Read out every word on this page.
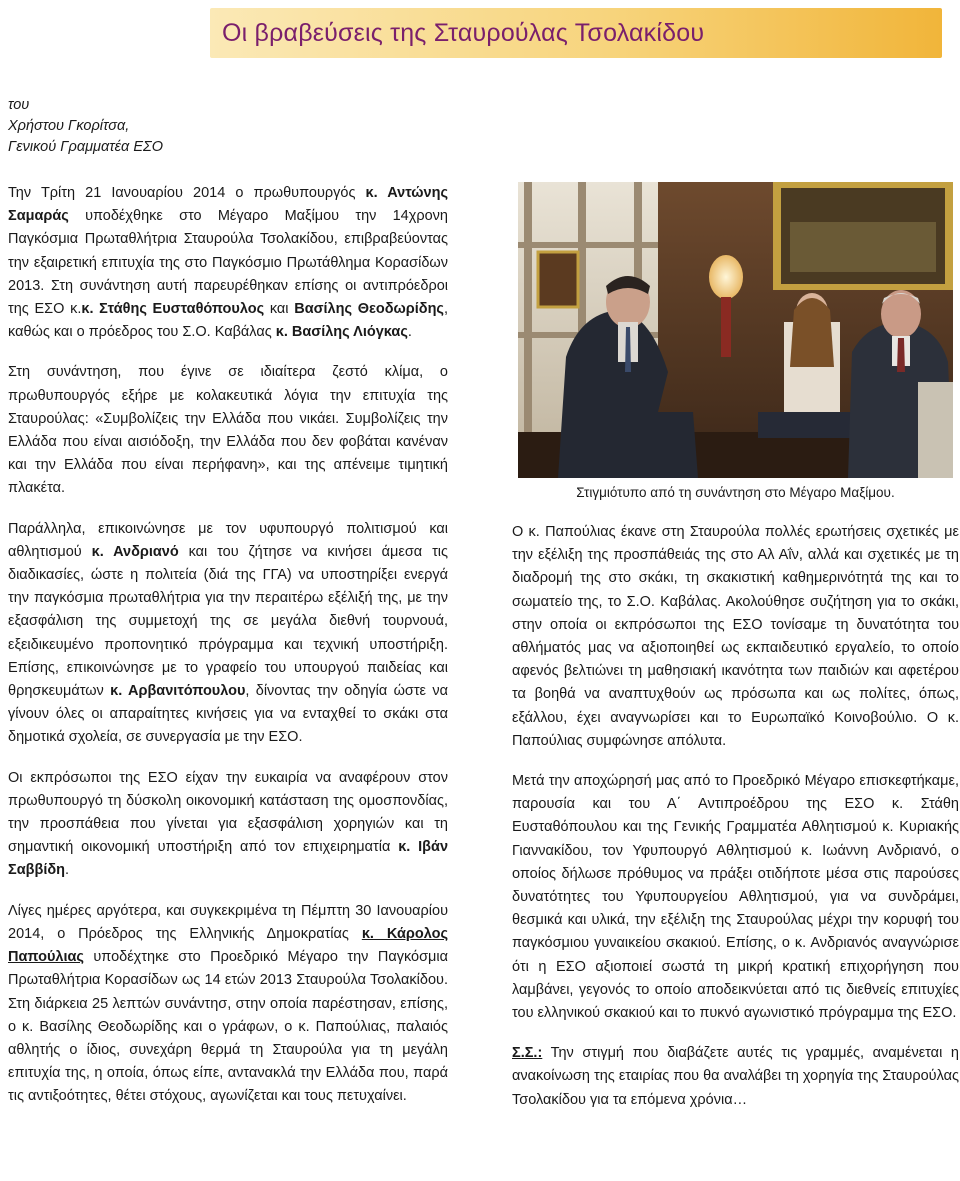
Οι βραβεύσεις της Σταυρούλας Τσολακίδου
του
Χρήστου Γκορίτσα,
Γενικού Γραμματέα ΕΣΟ

Την Τρίτη 21 Ιανουαρίου 2014 ο πρωθυπουργός κ. Αντώνης Σαμαράς υποδέχθηκε στο Μέγαρο Μαξίμου την 14χρονη Παγκόσμια Πρωταθλήτρια Σταυρούλα Τσολακίδου, επιβραβεύοντας την εξαιρετική επιτυχία της στο Παγκόσμιο Πρωτάθλημα Κορασίδων 2013. Στη συνάντηση αυτή παρευρέθηκαν επίσης οι αντιπρόεδροι της ΕΣΟ κ.κ. Στάθης Ευσταθόπουλος και Βασίλης Θεοδωρίδης, καθώς και ο πρόεδρος του Σ.Ο. Καβάλας κ. Βασίλης Λιόγκας.

Στη συνάντηση, που έγινε σε ιδιαίτερα ζεστό κλίμα, ο πρωθυπουργός εξήρε με κολακευτικά λόγια την επιτυχία της Σταυρούλας: «Συμβολίζεις την Ελλάδα που νικάει. Συμβολίζεις την Ελλάδα που είναι αισιόδοξη, την Ελλάδα που δεν φοβάται κανέναν και την Ελλάδα που είναι περήφανη», και της απένειμε τιμητική πλακέτα.

Παράλληλα, επικοινώνησε με τον υφυπουργό πολιτισμού και αθλητισμού κ. Ανδριανό και του ζήτησε να κινήσει άμεσα τις διαδικασίες, ώστε η πολιτεία (διά της ΓΓΑ) να υποστηρίξει ενεργά την παγκόσμια πρωταθλήτρια για την περαιτέρω εξέλιξή της, με την εξασφάλιση της συμμετοχή της σε μεγάλα διεθνή τουρνουά, εξειδικευμένο προπονητικό πρόγραμμα και τεχνική υποστήριξη. Επίσης, επικοινώνησε με το γραφείο του υπουργού παιδείας και θρησκευμάτων κ. Αρβανιτόπουλου, δίνοντας την οδηγία ώστε να γίνουν όλες οι απαραίτητες κινήσεις για να ενταχθεί το σκάκι στα δημοτικά σχολεία, σε συνεργασία με την ΕΣΟ.

Οι εκπρόσωποι της ΕΣΟ είχαν την ευκαιρία να αναφέρουν στον πρωθυπουργό τη δύσκολη οικονομική κατάσταση της ομοσπονδίας, την προσπάθεια που γίνεται για εξασφάλιση χορηγιών και τη σημαντική οικονομική υποστήριξη από τον επιχειρηματία κ. Ιβάν Σαββίδη.

Λίγες ημέρες αργότερα, και συγκεκριμένα τη Πέμπτη 30 Ιανουαρίου 2014, ο Πρόεδρος της Ελληνικής Δημοκρατίας κ. Κάρολος Παπούλιας υποδέχτηκε στο Προεδρικό Μέγαρο την Παγκόσμια Πρωταθλήτρια Κορασίδων ως 14 ετών 2013 Σταυρούλα Τσολακίδου. Στη διάρκεια 25 λεπτών συνάντησ, στην οποία παρέστησαν, επίσης, ο κ. Βασίλης Θεοδωρίδης και ο γράφων, ο κ. Παπούλιας, παλαιός αθλητής ο ίδιος, συνεχάρη θερμά τη Σταυρούλα για τη μεγάλη επιτυχία της, η οποία, όπως είπε, αντανακλά την Ελλάδα που, παρά τις αντιξοότητες, θέτει στόχους, αγωνίζεται και τους πετυχαίνει.

Στιγμιότυπο από τη συνάντηση στο Μέγαρο Μαξίμου.

Ο κ. Παπούλιας έκανε στη Σταυρούλα πολλές ερωτήσεις σχετικές με την εξέλιξη της προσπάθειάς της στο Αλ Αΐν, αλλά και σχετικές με τη διαδρομή της στο σκάκι, τη σκακιστική καθημερινότητά της και το σωματείο της, το Σ.Ο. Καβάλας. Ακολούθησε συζήτηση για το σκάκι, στην οποία οι εκπρόσωποι της ΕΣΟ τονίσαμε τη δυνατότητα του αθλήματός μας να αξιοποιηθεί ως εκπαιδευτικό εργαλείο, το οποίο αφενός βελτιώνει τη μαθησιακή ικανότητα των παιδιών και αφετέρου τα βοηθά να αναπτυχθούν ως πρόσωπα και ως πολίτες, όπως, εξάλλου, έχει αναγνωρίσει και το Ευρωπαϊκό Κοινοβούλιο. Ο κ. Παπούλιας συμφώνησε απόλυτα.

Μετά την αποχώρησή μας από το Προεδρικό Μέγαρο επισκεφτήκαμε, παρουσία και του Α΄ Αντιπροέδρου της ΕΣΟ κ. Στάθη Ευσταθόπουλου και της Γενικής Γραμματέα Αθλητισμού κ. Κυριακής Γιαννακίδου, τον Υφυπουργό Αθλητισμού κ. Ιωάννη Ανδριανό, ο οποίος δήλωσε πρόθυμος να πράξει οτιδήποτε μέσα στις παρούσες δυνατότητες του Υφυπουργείου Αθλητισμού, για να συνδράμει, θεσμικά και υλικά, την εξέλιξη της Σταυρούλας μέχρι την κορυφή του παγκόσμιου γυναικείου σκακιού. Επίσης, ο κ. Ανδριανός αναγνώρισε ότι η ΕΣΟ αξιοποιεί σωστά τη μικρή κρατική επιχορήγηση που λαμβάνει, γεγονός το οποίο αποδεικνύεται από τις διεθνείς επιτυχίες του ελληνικού σκακιού και το πυκνό αγωνιστικό πρόγραμμα της ΕΣΟ.

Σ.Σ.: Την στιγμή που διαβάζετε αυτές τις γραμμές, αναμένεται η ανακοίνωση της εταιρίας που θα αναλάβει τη χορηγία της Σταυρούλας Τσολακίδου για τα επόμενα χρόνια…
